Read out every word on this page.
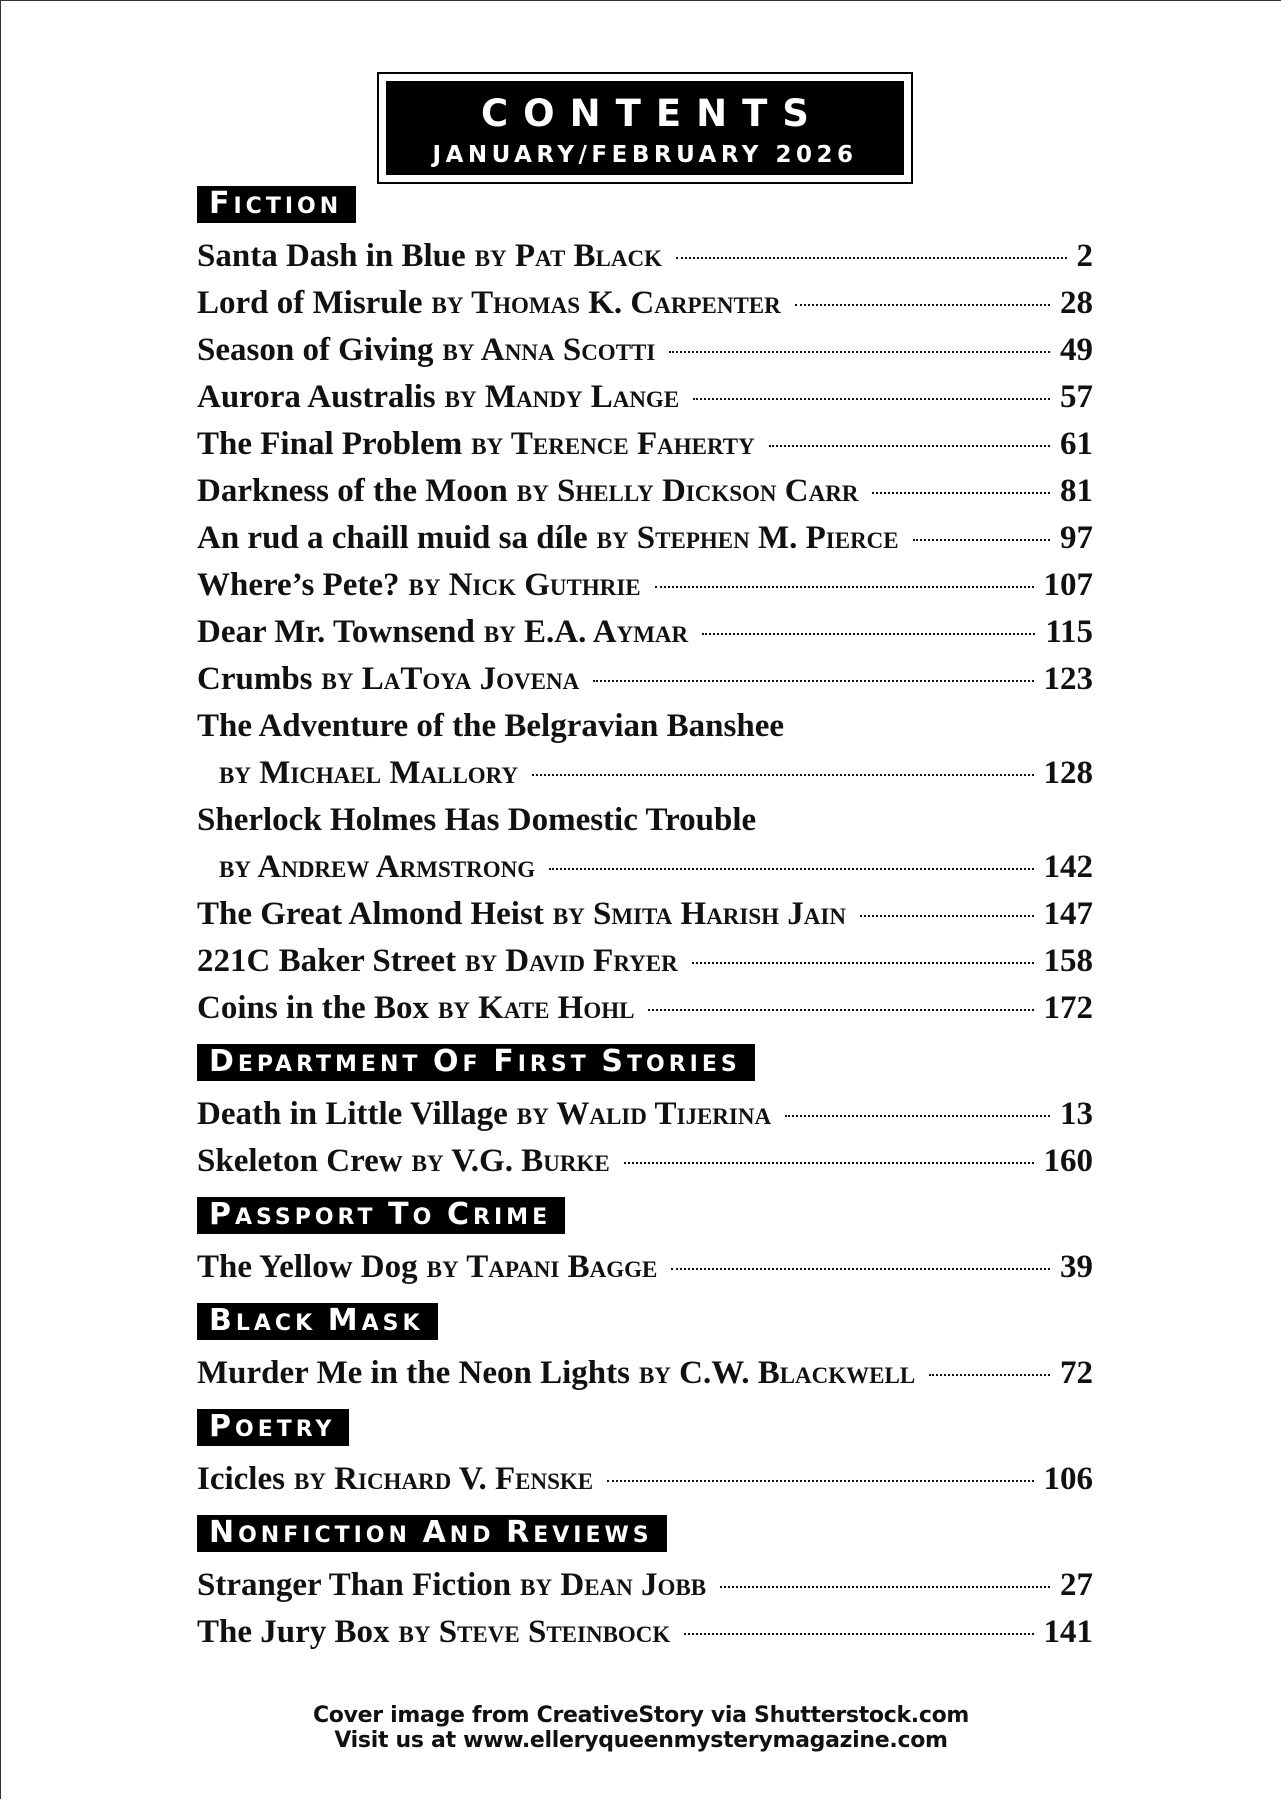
CONTENTS
JANUARY/FEBRUARY 2026
FICTION
Santa Dash in Blue by Pat Black	2
Lord of Misrule by Thomas K. Carpenter	28
Season of Giving by Anna Scotti	49
Aurora Australis by Mandy Lange	57
The Final Problem by Terence Faherty	61
Darkness of the Moon by Shelly Dickson Carr	81
An rud a chaill muid sa díle by Stephen M. Pierce	97
Where’s Pete? by Nick Guthrie	107
Dear Mr. Townsend by E.A. Aymar	115
Crumbs by LaToya Jovena	123
The Adventure of the Belgravian Banshee
by Michael Mallory	128
Sherlock Holmes Has Domestic Trouble
by Andrew Armstrong	142
The Great Almond Heist by Smita Harish Jain	147
221C Baker Street by David Fryer	158
Coins in the Box by Kate Hohl	172
DEPARTMENT OF FIRST STORIES
Death in Little Village by Walid Tijerina	13
Skeleton Crew by V.G. Burke	160
PASSPORT TO CRIME
The Yellow Dog by Tapani Bagge	39
BLACK MASK
Murder Me in the Neon Lights by C.W. Blackwell	72
POETRY
Icicles by Richard V. Fenske	106
NONFICTION AND REVIEWS
Stranger Than Fiction by Dean Jobb	27
The Jury Box by Steve Steinbock	141
Cover image from CreativeStory via Shutterstock.com
Visit us at www.elleryqueenmysterymagazine.com
